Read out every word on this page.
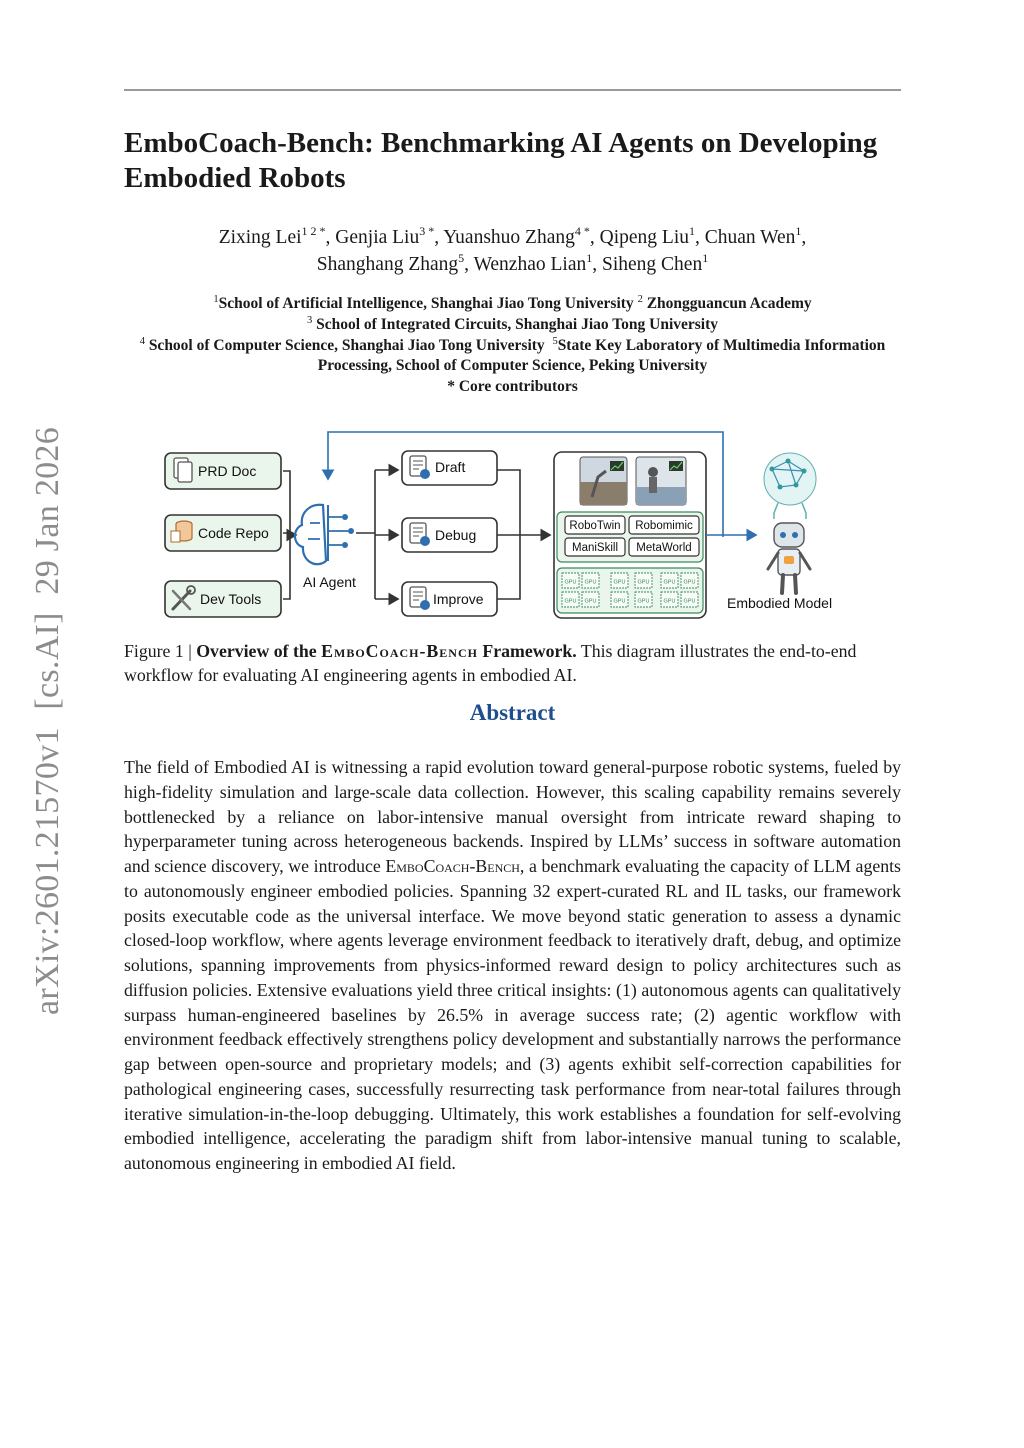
arXiv:2601.21570v1  [cs.AI]  29 Jan 2026
EmboCoach-Bench: Benchmarking AI Agents on Developing Embodied Robots
Zixing Lei$^{1 2 *}$, Genjia Liu$^{3 *}$, Yuanshuo Zhang$^{4 *}$, Qipeng Liu$^1$, Chuan Wen$^1$,
Shanghang Zhang$^5$, Wenzhao Lian$^1$, Siheng Chen$^1$
$^1$School of Artificial Intelligence, Shanghai Jiao Tong University $^2$ Zhongguancun Academy
$^3$ School of Integrated Circuits, Shanghai Jiao Tong University
$^4$ School of Computer Science, Shanghai Jiao Tong University $^5$State Key Laboratory of Multimedia Information Processing, School of Computer Science, Peking University
* Core contributors
PRD Doc
Code Repo
Dev Tools
AI Agent
Draft
Debug
Improve
RoboTwin Robomimic
ManiSkill MetaWorld
GPU GPU	GPU GPU	GPU GPU
GPU GPU	GPU GPU	GPU GPU Embodied Model
Figure 1 | Overview of the EmboCoach-Bench Framework. This diagram illustrates the end-to-end workflow for evaluating AI engineering agents in embodied AI.
Abstract

The field of Embodied AI is witnessing a rapid evolution toward general-purpose robotic systems, fueled by high-fidelity simulation and large-scale data collection. However, this scaling capability remains severely bottlenecked by a reliance on labor-intensive manual oversight from intricate reward shaping to hyperparameter tuning across heterogeneous backends. Inspired by LLMs’ success in software automation and science discovery, we introduce EmboCoach-Bench, a benchmark evaluating the capacity of LLM agents to autonomously engineer embodied policies. Spanning 32 expert-curated RL and IL tasks, our framework posits executable code as the universal interface. We move beyond static generation to assess a dynamic closed-loop workflow, where agents leverage environment feedback to iteratively draft, debug, and optimize solutions, spanning improvements from physics-informed reward design to policy architectures such as diffusion policies. Extensive evaluations yield three critical insights: (1) autonomous agents can qualitatively surpass human-engineered baselines by 26.5% in average success rate; (2) agentic workflow with environment feedback effectively strengthens policy development and substantially narrows the performance gap between open-source and proprietary models; and (3) agents exhibit self-correction capabilities for pathological engineering cases, successfully resurrecting task performance from near-total failures through iterative simulation-in-the-loop debugging. Ultimately, this work establishes a foundation for self-evolving embodied intelligence, accelerating the paradigm shift from labor-intensive manual tuning to scalable, autonomous engineering in embodied AI field.
